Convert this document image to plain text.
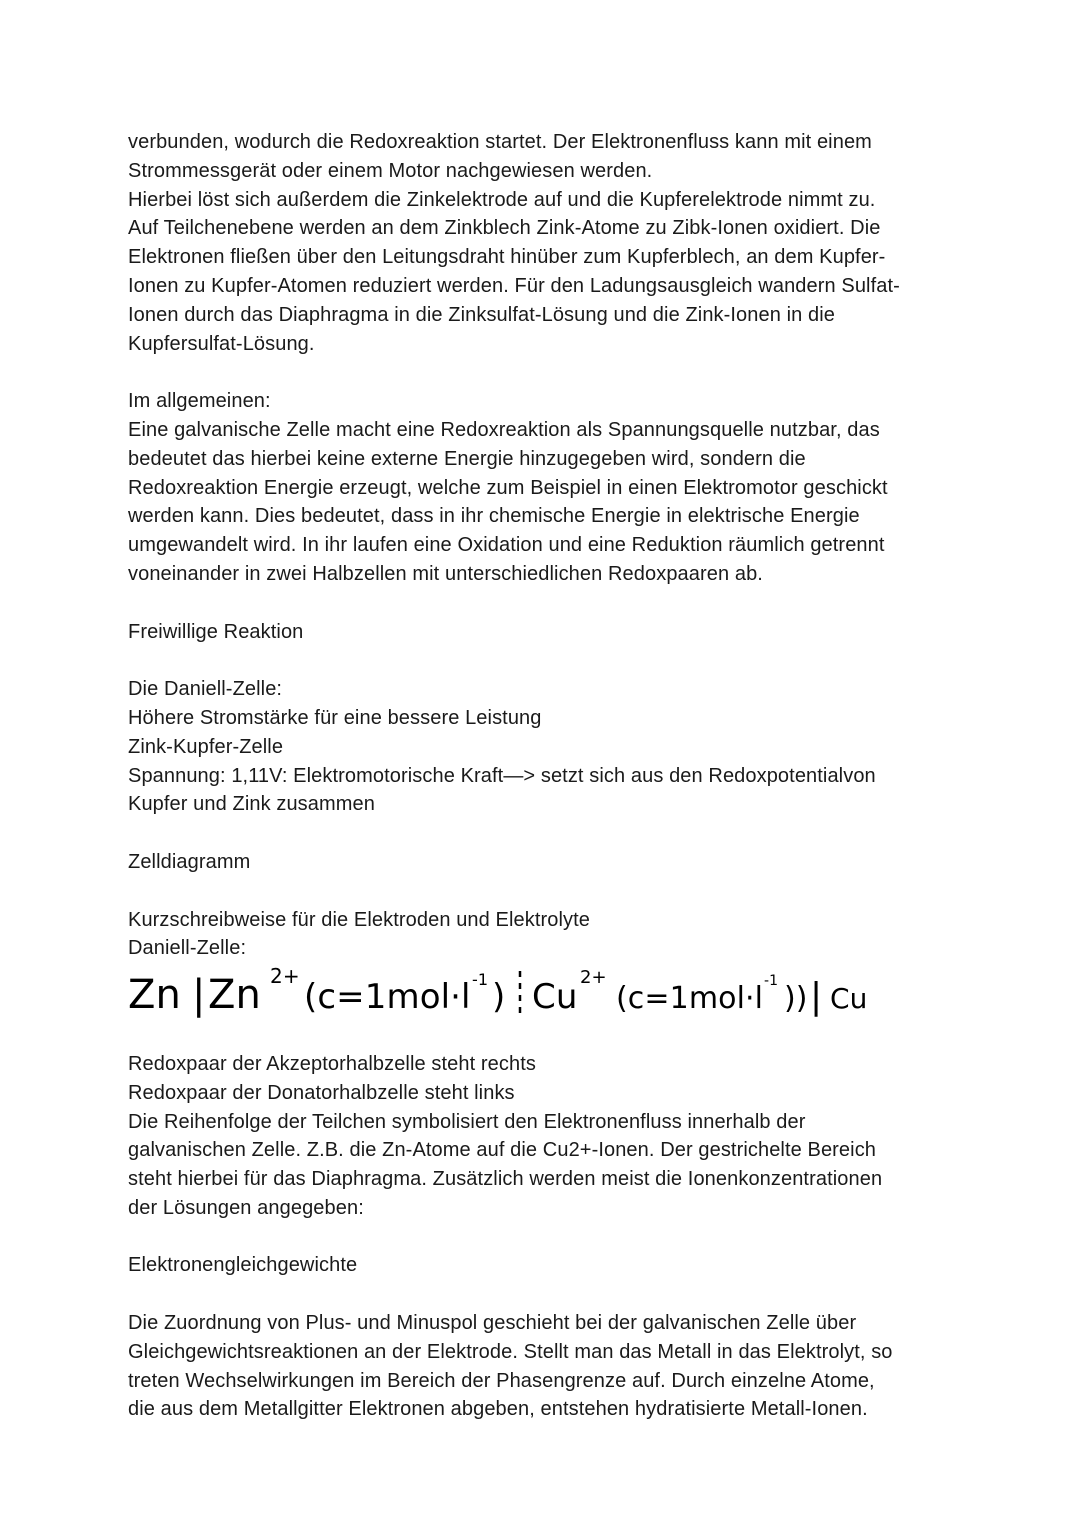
verbunden, wodurch die Redoxreaktion startet. Der Elektronenfluss kann mit einem
Strommessgerät oder einem Motor nachgewiesen werden.
Hierbei löst sich außerdem die Zinkelektrode auf und die Kupferelektrode nimmt zu.
Auf Teilchenebene werden an dem Zinkblech Zink-Atome zu Zibk-Ionen oxidiert. Die
Elektronen fließen über den Leitungsdraht hinüber zum Kupferblech, an dem Kupfer-
Ionen zu Kupfer-Atomen reduziert werden. Für den Ladungsausgleich wandern Sulfat-
Ionen durch das Diaphragma in die Zinksulfat-Lösung und die Zink-Ionen in die
Kupfersulfat-Lösung.
Im allgemeinen:
Eine galvanische Zelle macht eine Redoxreaktion als Spannungsquelle nutzbar, das
bedeutet das hierbei keine externe Energie hinzugegeben wird, sondern die
Redoxreaktion Energie erzeugt, welche zum Beispiel in einen Elektromotor geschickt
werden kann. Dies bedeutet, dass in ihr chemische Energie in elektrische Energie
umgewandelt wird. In ihr laufen eine Oxidation und eine Reduktion räumlich getrennt
voneinander in zwei Halbzellen mit unterschiedlichen Redoxpaaren ab.
Freiwillige Reaktion
Die Daniell-Zelle:
Höhere Stromstärke für eine bessere Leistung
Zink-Kupfer-Zelle
Spannung: 1,11V: Elektromotorische Kraft—> setzt sich aus den Redoxpotentialvon
Kupfer und Zink zusammen
Zelldiagramm
Kurzschreibweise für die Elektroden und Elektrolyte
Daniell-Zelle:
Zn | Zn 2+
(c=1mol·l -1 ) Cu 2+
(c=1mol·l -1 )) | Cu
Redoxpaar der Akzeptorhalbzelle steht rechts
Redoxpaar der Donatorhalbzelle steht links
Die Reihenfolge der Teilchen symbolisiert den Elektronenfluss innerhalb der
galvanischen Zelle. Z.B. die Zn-Atome auf die Cu2+-Ionen. Der gestrichelte Bereich
steht hierbei für das Diaphragma. Zusätzlich werden meist die Ionenkonzentrationen
der Lösungen angegeben:
Elektronengleichgewichte
Die Zuordnung von Plus- und Minuspol geschieht bei der galvanischen Zelle über
Gleichgewichtsreaktionen an der Elektrode. Stellt man das Metall in das Elektrolyt, so
treten Wechselwirkungen im Bereich der Phasengrenze auf. Durch einzelne Atome,
die aus dem Metallgitter Elektronen abgeben, entstehen hydratisierte Metall-Ionen.
